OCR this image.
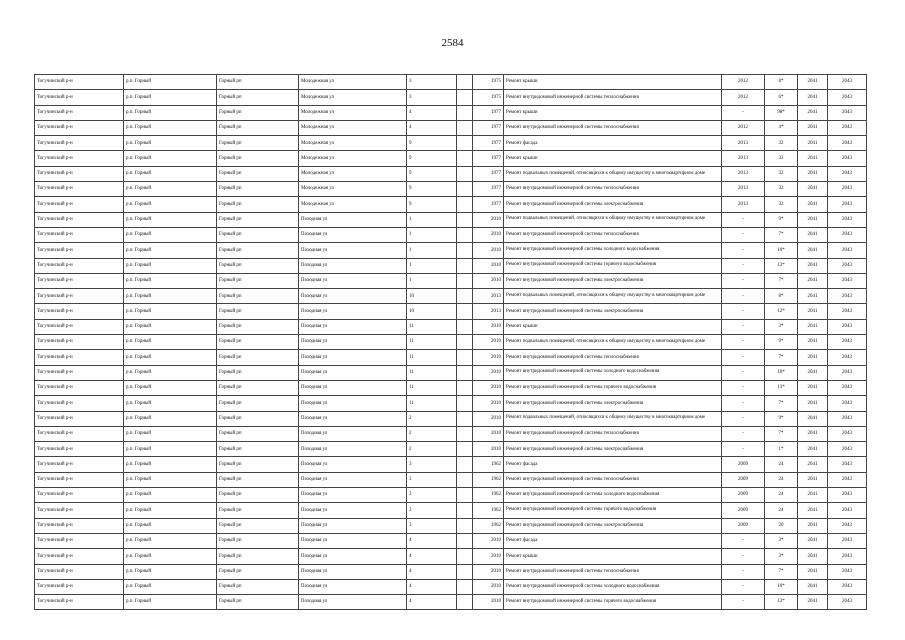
2584
Тогучинский р-н	р.п. Горный	Горный рп	Молодежная ул	3		1975	Ремонт крыши	2012	8*	2041	2043
Тогучинский р-н	р.п. Горный	Горный рп	Молодежная ул	3		1975	Ремонт внутридомовой инженерной системы теплоснабжения	2012	6*	2041	2043
Тогучинский р-н	р.п. Горный	Горный рп	Молодежная ул	4		1977	Ремонт крыши	-	98*	2041	2043
Тогучинский р-н	р.п. Горный	Горный рп	Молодежная ул	4		1977	Ремонт внутридомовой инженерной системы теплоснабжения	2012	4*	2041	2043
Тогучинский р-н	р.п. Горный	Горный рп	Молодежная ул	9		1977	Ремонт фасада	2013	32	2041	2043
Тогучинский р-н	р.п. Горный	Горный рп	Молодежная ул	9		1977	Ремонт крыши	2013	32	2041	2043
Тогучинский р-н	р.п. Горный	Горный рп	Молодежная ул	9		1977	Ремонт подвальных помещений, относящихся к общему имуществу в многоквартирном доме	2013	32	2041	2043
Тогучинский р-н	р.п. Горный	Горный рп	Молодежная ул	9		1977	Ремонт внутридомовой инженерной системы теплоснабжения	2013	32	2041	2043
Тогучинский р-н	р.п. Горный	Горный рп	Молодежная ул	9		1977	Ремонт внутридомовой инженерной системы электроснабжения	2013	32	2041	2043
Тогучинский р-н	р.п. Горный	Горный рп	Походная ул	1		2010	Ремонт подвальных помещений, относящихся к общему имуществу в многоквартирном доме	-	9*	2041	2043
Тогучинский р-н	р.п. Горный	Горный рп	Походная ул	1		2010	Ремонт внутридомовой инженерной системы теплоснабжения	-	7*	2041	2043
Тогучинский р-н	р.п. Горный	Горный рп	Походная ул	1		2010	Ремонт внутридомовой инженерной системы холодного водоснабжения	-	10*	2041	2043
Тогучинский р-н	р.п. Горный	Горный рп	Походная ул	1		2010	Ремонт внутридомовой инженерной системы горячего водоснабжения	-	13*	2041	2043
Тогучинский р-н	р.п. Горный	Горный рп	Походная ул	1		2010	Ремонт внутридомовой инженерной системы электроснабжения	-	7*	2041	2043
Тогучинский р-н	р.п. Горный	Горный рп	Походная ул	10		2013	Ремонт подвальных помещений, относящихся к общему имуществу в многоквартирном доме	-	8*	2041	2043
Тогучинский р-н	р.п. Горный	Горный рп	Походная ул	10		2013	Ремонт внутридомовой инженерной системы электроснабжения	-	12*	2041	2043
Тогучинский р-н	р.п. Горный	Горный рп	Походная ул	11		2010	Ремонт крыши	-	3*	2041	2043
Тогучинский р-н	р.п. Горный	Горный рп	Походная ул	11		2010	Ремонт подвальных помещений, относящихся к общему имуществу в многоквартирном доме	-	9*	2041	2043
Тогучинский р-н	р.п. Горный	Горный рп	Походная ул	11		2010	Ремонт внутридомовой инженерной системы теплоснабжения	-	7*	2041	2043
Тогучинский р-н	р.п. Горный	Горный рп	Походная ул	11		2010	Ремонт внутридомовой инженерной системы холодного водоснабжения	-	10*	2041	2043
Тогучинский р-н	р.п. Горный	Горный рп	Походная ул	11		2010	Ремонт внутридомовой инженерной системы горячего водоснабжения	-	13*	2041	2043
Тогучинский р-н	р.п. Горный	Горный рп	Походная ул	11		2010	Ремонт внутридомовой инженерной системы электроснабжения	-	7*	2041	2043
Тогучинский р-н	р.п. Горный	Горный рп	Походная ул	2		2010	Ремонт подвальных помещений, относящихся к общему имуществу в многоквартирном доме	-	9*	2041	2043
Тогучинский р-н	р.п. Горный	Горный рп	Походная ул	2		2010	Ремонт внутридомовой инженерной системы теплоснабжения	-	7*	2041	2043
Тогучинский р-н	р.п. Горный	Горный рп	Походная ул	2		2010	Ремонт внутридомовой инженерной системы электроснабжения	-	1*	2041	2043
Тогучинский р-н	р.п. Горный	Горный рп	Походная ул	3		1962	Ремонт фасада	2009	24	2041	2043
Тогучинский р-н	р.п. Горный	Горный рп	Походная ул	3		1962	Ремонт внутридомовой инженерной системы теплоснабжения	2009	24	2041	2043
Тогучинский р-н	р.п. Горный	Горный рп	Походная ул	3		1962	Ремонт внутридомовой инженерной системы холодного водоснабжения	2009	24	2041	2043
Тогучинский р-н	р.п. Горный	Горный рп	Походная ул	3		1962	Ремонт внутридомовой инженерной системы горячего водоснабжения	2009	24	2041	2043
Тогучинский р-н	р.п. Горный	Горный рп	Походная ул	3		1962	Ремонт внутридомовой инженерной системы электроснабжения	2009	20	2041	2043
Тогучинский р-н	р.п. Горный	Горный рп	Походная ул	4		2010	Ремонт фасада	-	3*	2041	2043
Тогучинский р-н	р.п. Горный	Горный рп	Походная ул	4		2010	Ремонт крыши	-	3*	2041	2043
Тогучинский р-н	р.п. Горный	Горный рп	Походная ул	4		2010	Ремонт внутридомовой инженерной системы теплоснабжения	-	7*	2041	2043
Тогучинский р-н	р.п. Горный	Горный рп	Походная ул	4		2010	Ремонт внутридомовой инженерной системы холодного водоснабжения	-	10*	2041	2043
Тогучинский р-н	р.п. Горный	Горный рп	Походная ул	4		2010	Ремонт внутридомовой инженерной системы горячего водоснабжения	-	13*	2041	2043
